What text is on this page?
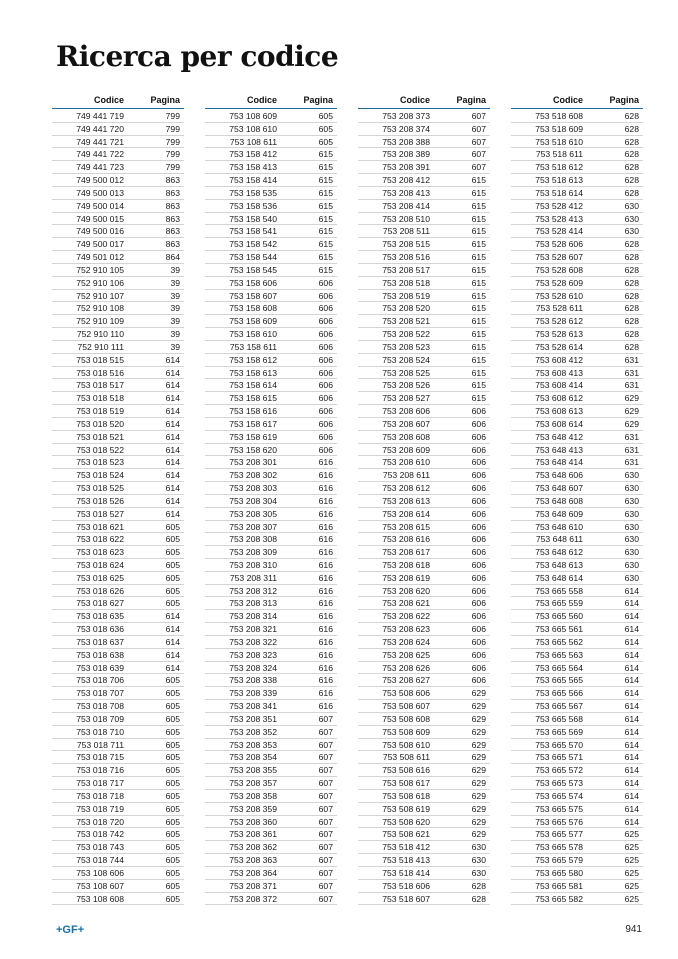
Ricerca per codice
Codice	Pagina
749 441 719	799
749 441 720	799
749 441 721	799
749 441 722	799
749 441 723	799
749 500 012	863
749 500 013	863
749 500 014	863
749 500 015	863
749 500 016	863
749 500 017	863
749 501 012	864
752 910 105	39
752 910 106	39
752 910 107	39
752 910 108	39
752 910 109	39
752 910 110	39
752 910 111	39
753 018 515	614
753 018 516	614
753 018 517	614
753 018 518	614
753 018 519	614
753 018 520	614
753 018 521	614
753 018 522	614
753 018 523	614
753 018 524	614
753 018 525	614
753 018 526	614
753 018 527	614
753 018 621	605
753 018 622	605
753 018 623	605
753 018 624	605
753 018 625	605
753 018 626	605
753 018 627	605
753 018 635	614
753 018 636	614
753 018 637	614
753 018 638	614
753 018 639	614
753 018 706	605
753 018 707	605
753 018 708	605
753 018 709	605
753 018 710	605
753 018 711	605
753 018 715	605
753 018 716	605
753 018 717	605
753 018 718	605
753 018 719	605
753 018 720	605
753 018 742	605
753 018 743	605
753 018 744	605
753 108 606	605
753 108 607	605
753 108 608	605
Codice	Pagina
753 108 609	605
753 108 610	605
753 108 611	605
753 158 412	615
753 158 413	615
753 158 414	615
753 158 535	615
753 158 536	615
753 158 540	615
753 158 541	615
753 158 542	615
753 158 544	615
753 158 545	615
753 158 606	606
753 158 607	606
753 158 608	606
753 158 609	606
753 158 610	606
753 158 611	606
753 158 612	606
753 158 613	606
753 158 614	606
753 158 615	606
753 158 616	606
753 158 617	606
753 158 619	606
753 158 620	606
753 208 301	616
753 208 302	616
753 208 303	616
753 208 304	616
753 208 305	616
753 208 307	616
753 208 308	616
753 208 309	616
753 208 310	616
753 208 311	616
753 208 312	616
753 208 313	616
753 208 314	616
753 208 321	616
753 208 322	616
753 208 323	616
753 208 324	616
753 208 338	616
753 208 339	616
753 208 341	616
753 208 351	607
753 208 352	607
753 208 353	607
753 208 354	607
753 208 355	607
753 208 357	607
753 208 358	607
753 208 359	607
753 208 360	607
753 208 361	607
753 208 362	607
753 208 363	607
753 208 364	607
753 208 371	607
753 208 372	607
Codice	Pagina
753 208 373	607
753 208 374	607
753 208 388	607
753 208 389	607
753 208 391	607
753 208 412	615
753 208 413	615
753 208 414	615
753 208 510	615
753 208 511	615
753 208 515	615
753 208 516	615
753 208 517	615
753 208 518	615
753 208 519	615
753 208 520	615
753 208 521	615
753 208 522	615
753 208 523	615
753 208 524	615
753 208 525	615
753 208 526	615
753 208 527	615
753 208 606	606
753 208 607	606
753 208 608	606
753 208 609	606
753 208 610	606
753 208 611	606
753 208 612	606
753 208 613	606
753 208 614	606
753 208 615	606
753 208 616	606
753 208 617	606
753 208 618	606
753 208 619	606
753 208 620	606
753 208 621	606
753 208 622	606
753 208 623	606
753 208 624	606
753 208 625	606
753 208 626	606
753 208 627	606
753 508 606	629
753 508 607	629
753 508 608	629
753 508 609	629
753 508 610	629
753 508 611	629
753 508 616	629
753 508 617	629
753 508 618	629
753 508 619	629
753 508 620	629
753 508 621	629
753 518 412	630
753 518 413	630
753 518 414	630
753 518 606	628
753 518 607	628
Codice	Pagina
753 518 608	628
753 518 609	628
753 518 610	628
753 518 611	628
753 518 612	628
753 518 613	628
753 518 614	628
753 528 412	630
753 528 413	630
753 528 414	630
753 528 606	628
753 528 607	628
753 528 608	628
753 528 609	628
753 528 610	628
753 528 611	628
753 528 612	628
753 528 613	628
753 528 614	628
753 608 412	631
753 608 413	631
753 608 414	631
753 608 612	629
753 608 613	629
753 608 614	629
753 648 412	631
753 648 413	631
753 648 414	631
753 648 606	630
753 648 607	630
753 648 608	630
753 648 609	630
753 648 610	630
753 648 611	630
753 648 612	630
753 648 613	630
753 648 614	630
753 665 558	614
753 665 559	614
753 665 560	614
753 665 561	614
753 665 562	614
753 665 563	614
753 665 564	614
753 665 565	614
753 665 566	614
753 665 567	614
753 665 568	614
753 665 569	614
753 665 570	614
753 665 571	614
753 665 572	614
753 665 573	614
753 665 574	614
753 665 575	614
753 665 576	614
753 665 577	625
753 665 578	625
753 665 579	625
753 665 580	625
753 665 581	625
753 665 582	625
+GF+	941
